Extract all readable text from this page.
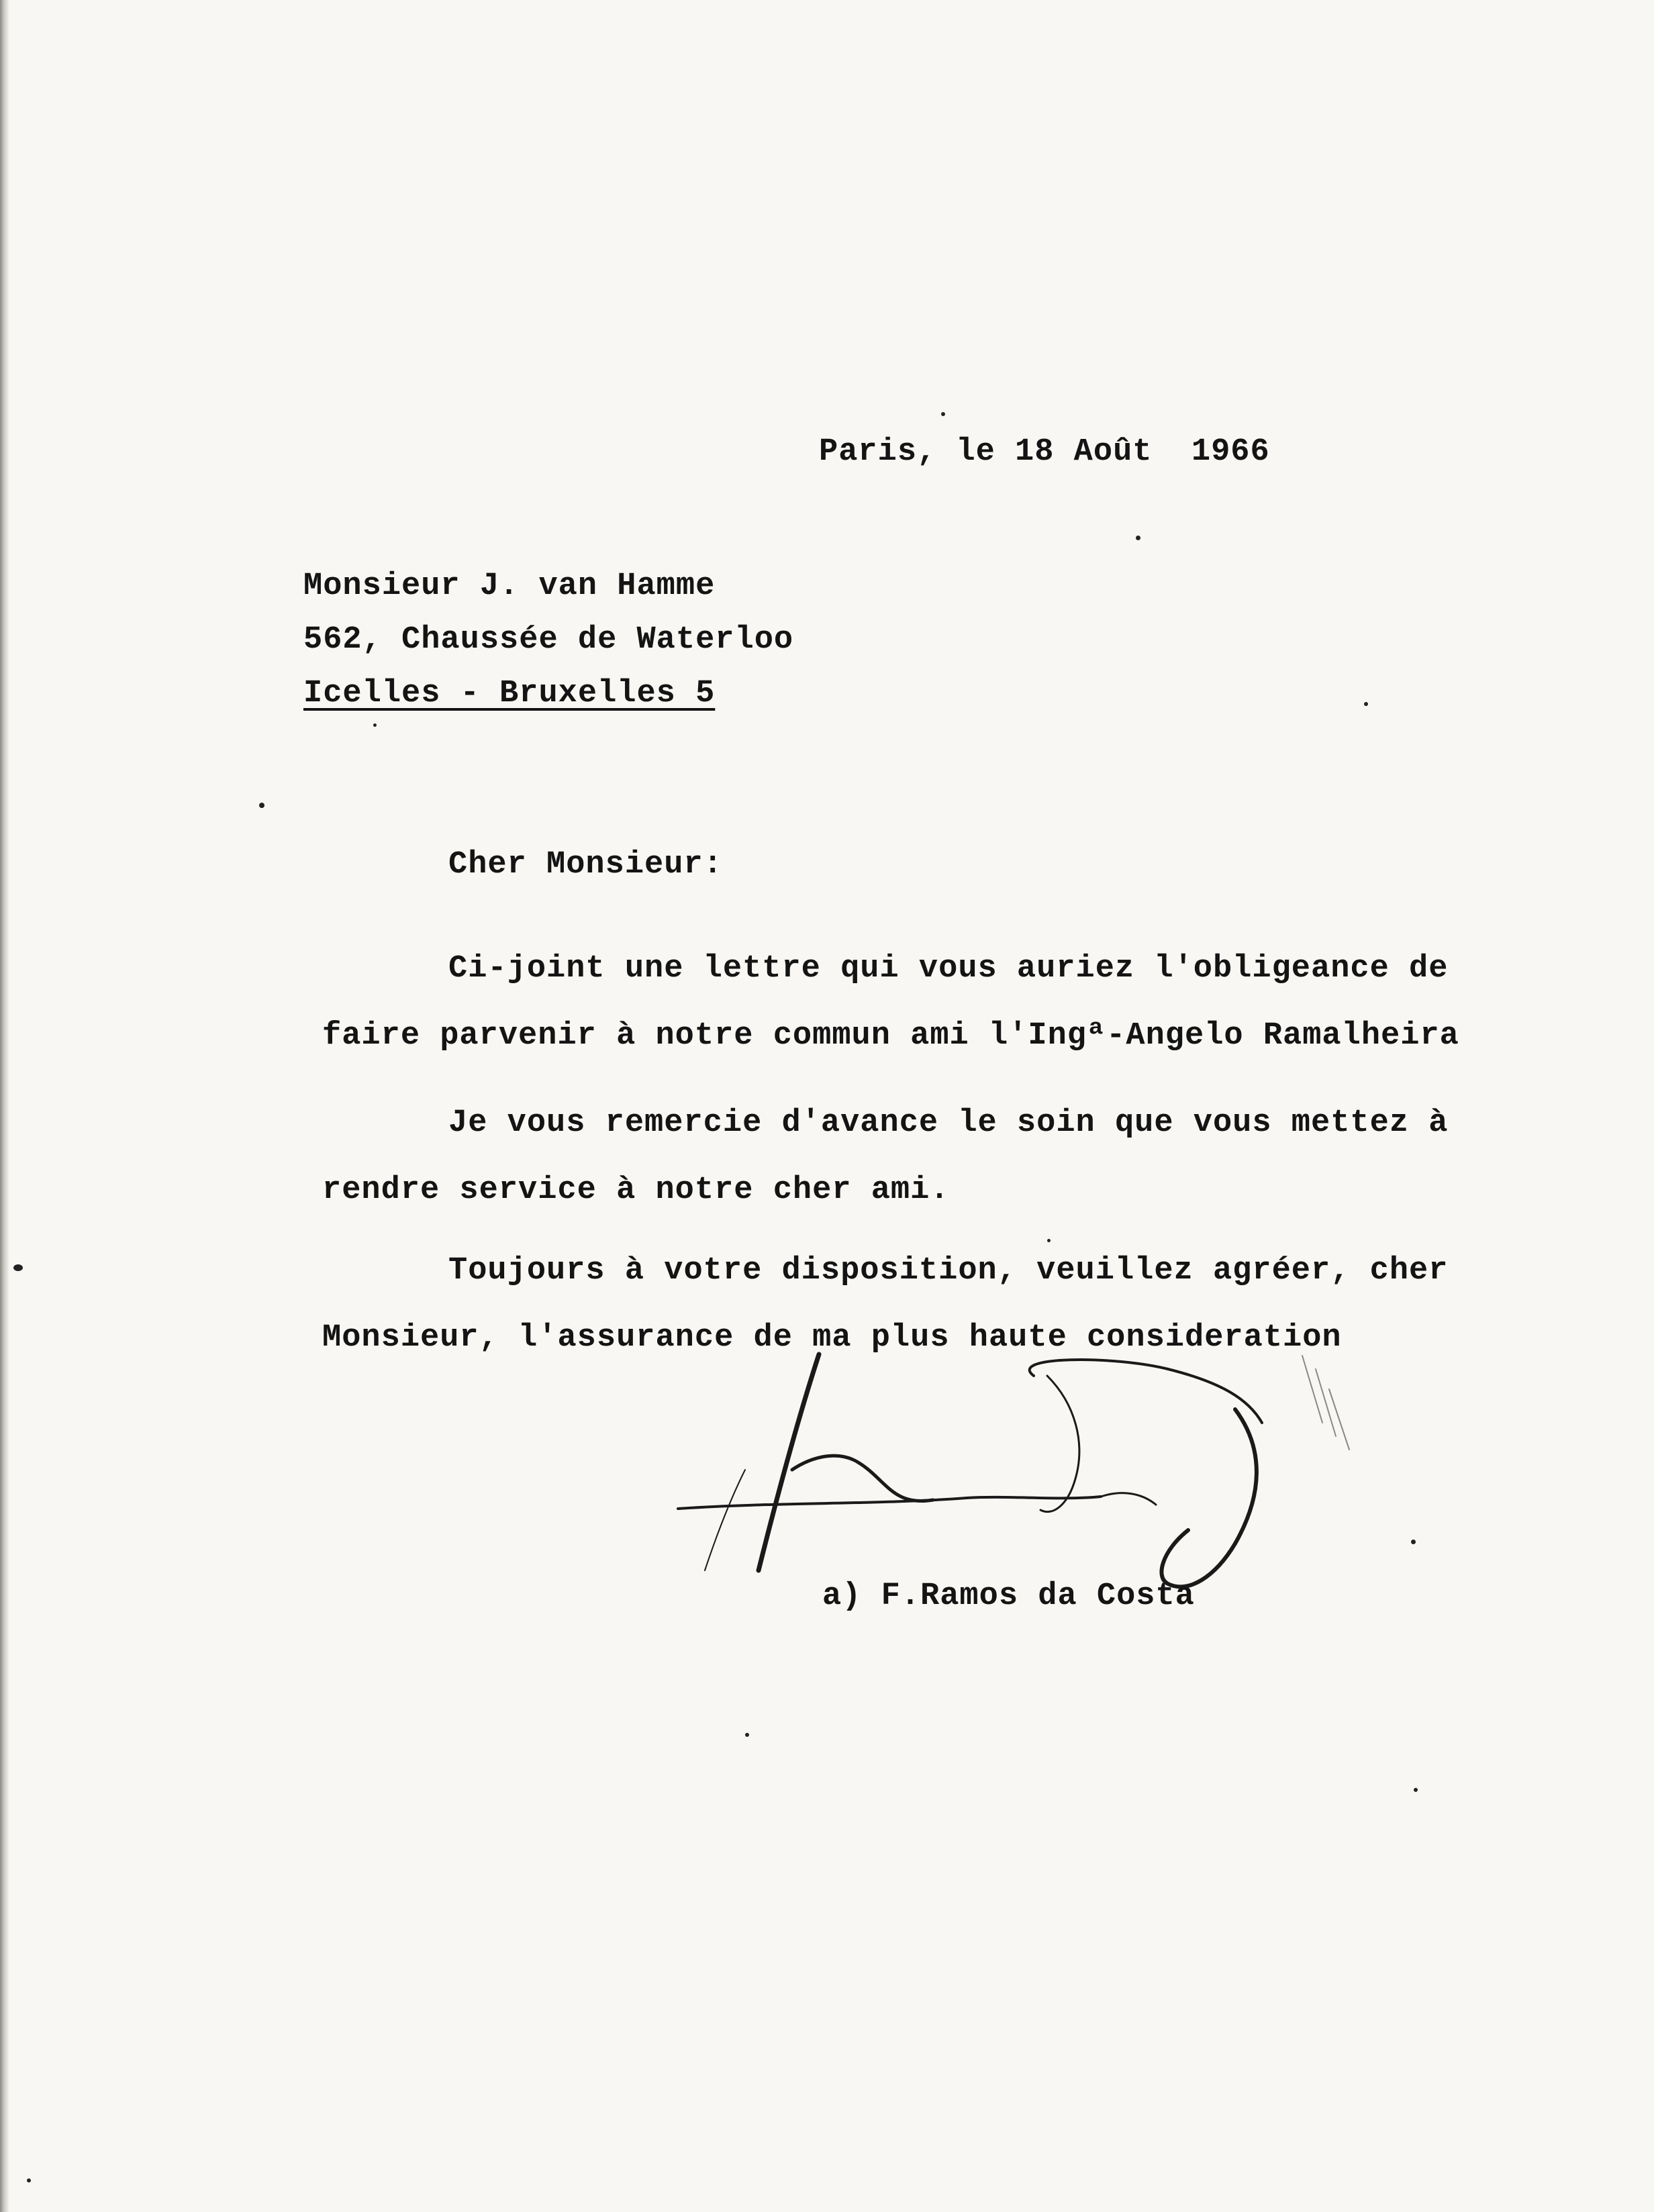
Paris, le 18 Août  1966
Monsieur J. van Hamme
562, Chaussée de Waterloo
Icelles - Bruxelles 5
Cher Monsieur:
Ci-joint une lettre qui vous auriez l'obligeance de
faire parvenir à notre commun ami l'Ingª-Angelo Ramalheira
Je vous remercie d'avance le soin que vous mettez à
rendre service à notre cher ami.
Toujours à votre disposition, veuillez agréer, cher
Monsieur, l'assurance de ma plus haute consideration
a) F.Ramos da Costa
